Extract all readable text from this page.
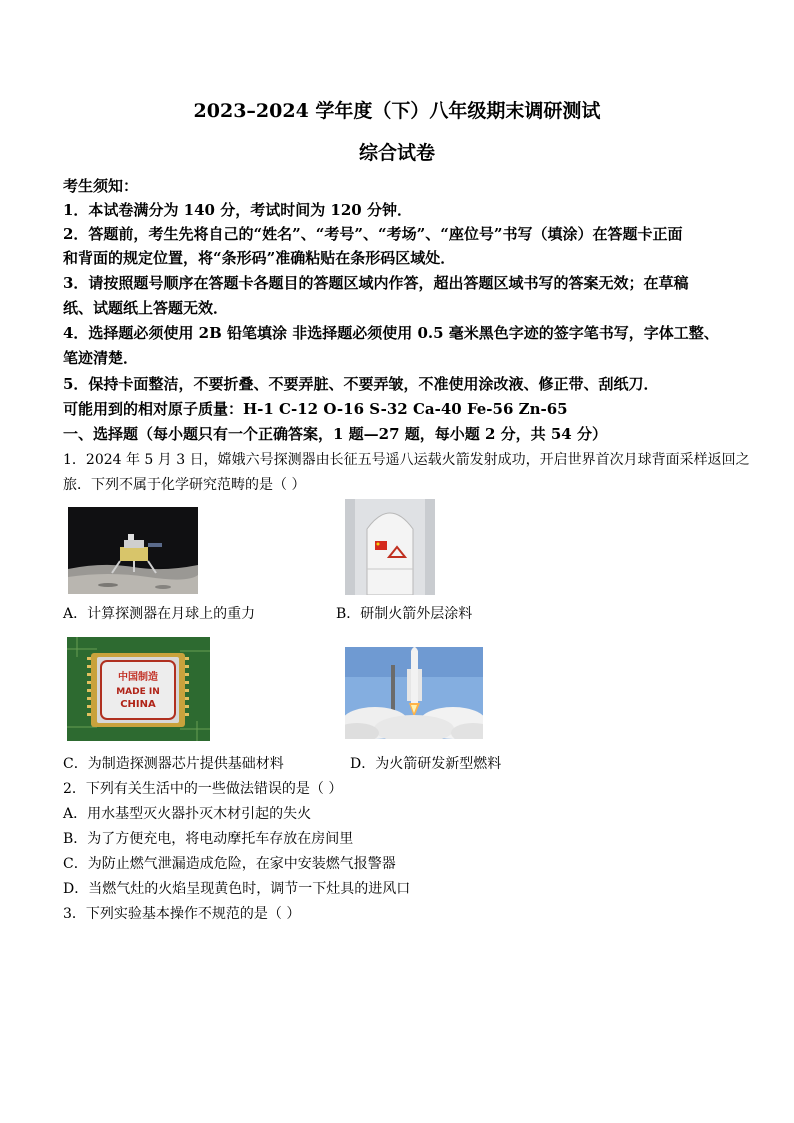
2023–2024 学年度（下）八年级期末调研测试
综合试卷
考生须知：
1．本试卷满分为 140 分，考试时间为 120 分钟．
2．答题前，考生先将自己的“姓名”、“考号”、“考场”、“座位号”书写（填涂）在答题卡正面
和背面的规定位置，将“条形码”准确粘贴在条形码区域处．
3．请按照题号顺序在答题卡各题目的答题区域内作答，超出答题区域书写的答案无效；在草稿
纸、试题纸上答题无效．
4．选择题必须使用 2B 铅笔填涂 非选择题必须使用 0.5 毫米黑色字迹的签字笔书写，字体工整、
笔迹清楚．
5．保持卡面整洁，不要折叠、不要弄脏、不要弄皱，不准使用涂改液、修正带、刮纸刀．
可能用到的相对原子质量：H-1 C-12 O-16 S-32 Ca-40 Fe-56 Zn-65
一、选择题（每小题只有一个正确答案，1 题—27 题，每小题 2 分，共 54 分）
1．2024 年 5 月 3 日，嫦娥六号探测器由长征五号遥八运载火箭发射成功，开启世界首次月球背面采样返回之
旅．下列不属于化学研究范畴的是（ ）
A．计算探测器在月球上的重力	B．研制火箭外层涂料
中国制造
MADE IN
CHINA
C．为制造探测器芯片提供基础材料	D．为火箭研发新型燃料
2．下列有关生活中的一些做法错误的是（ ）
A．用水基型灭火器扑灭木材引起的失火
B．为了方便充电，将电动摩托车存放在房间里
C．为防止燃气泄漏造成危险，在家中安装燃气报警器
D．当燃气灶的火焰呈现黄色时，调节一下灶具的进风口
3．下列实验基本操作不规范的是（ ）
